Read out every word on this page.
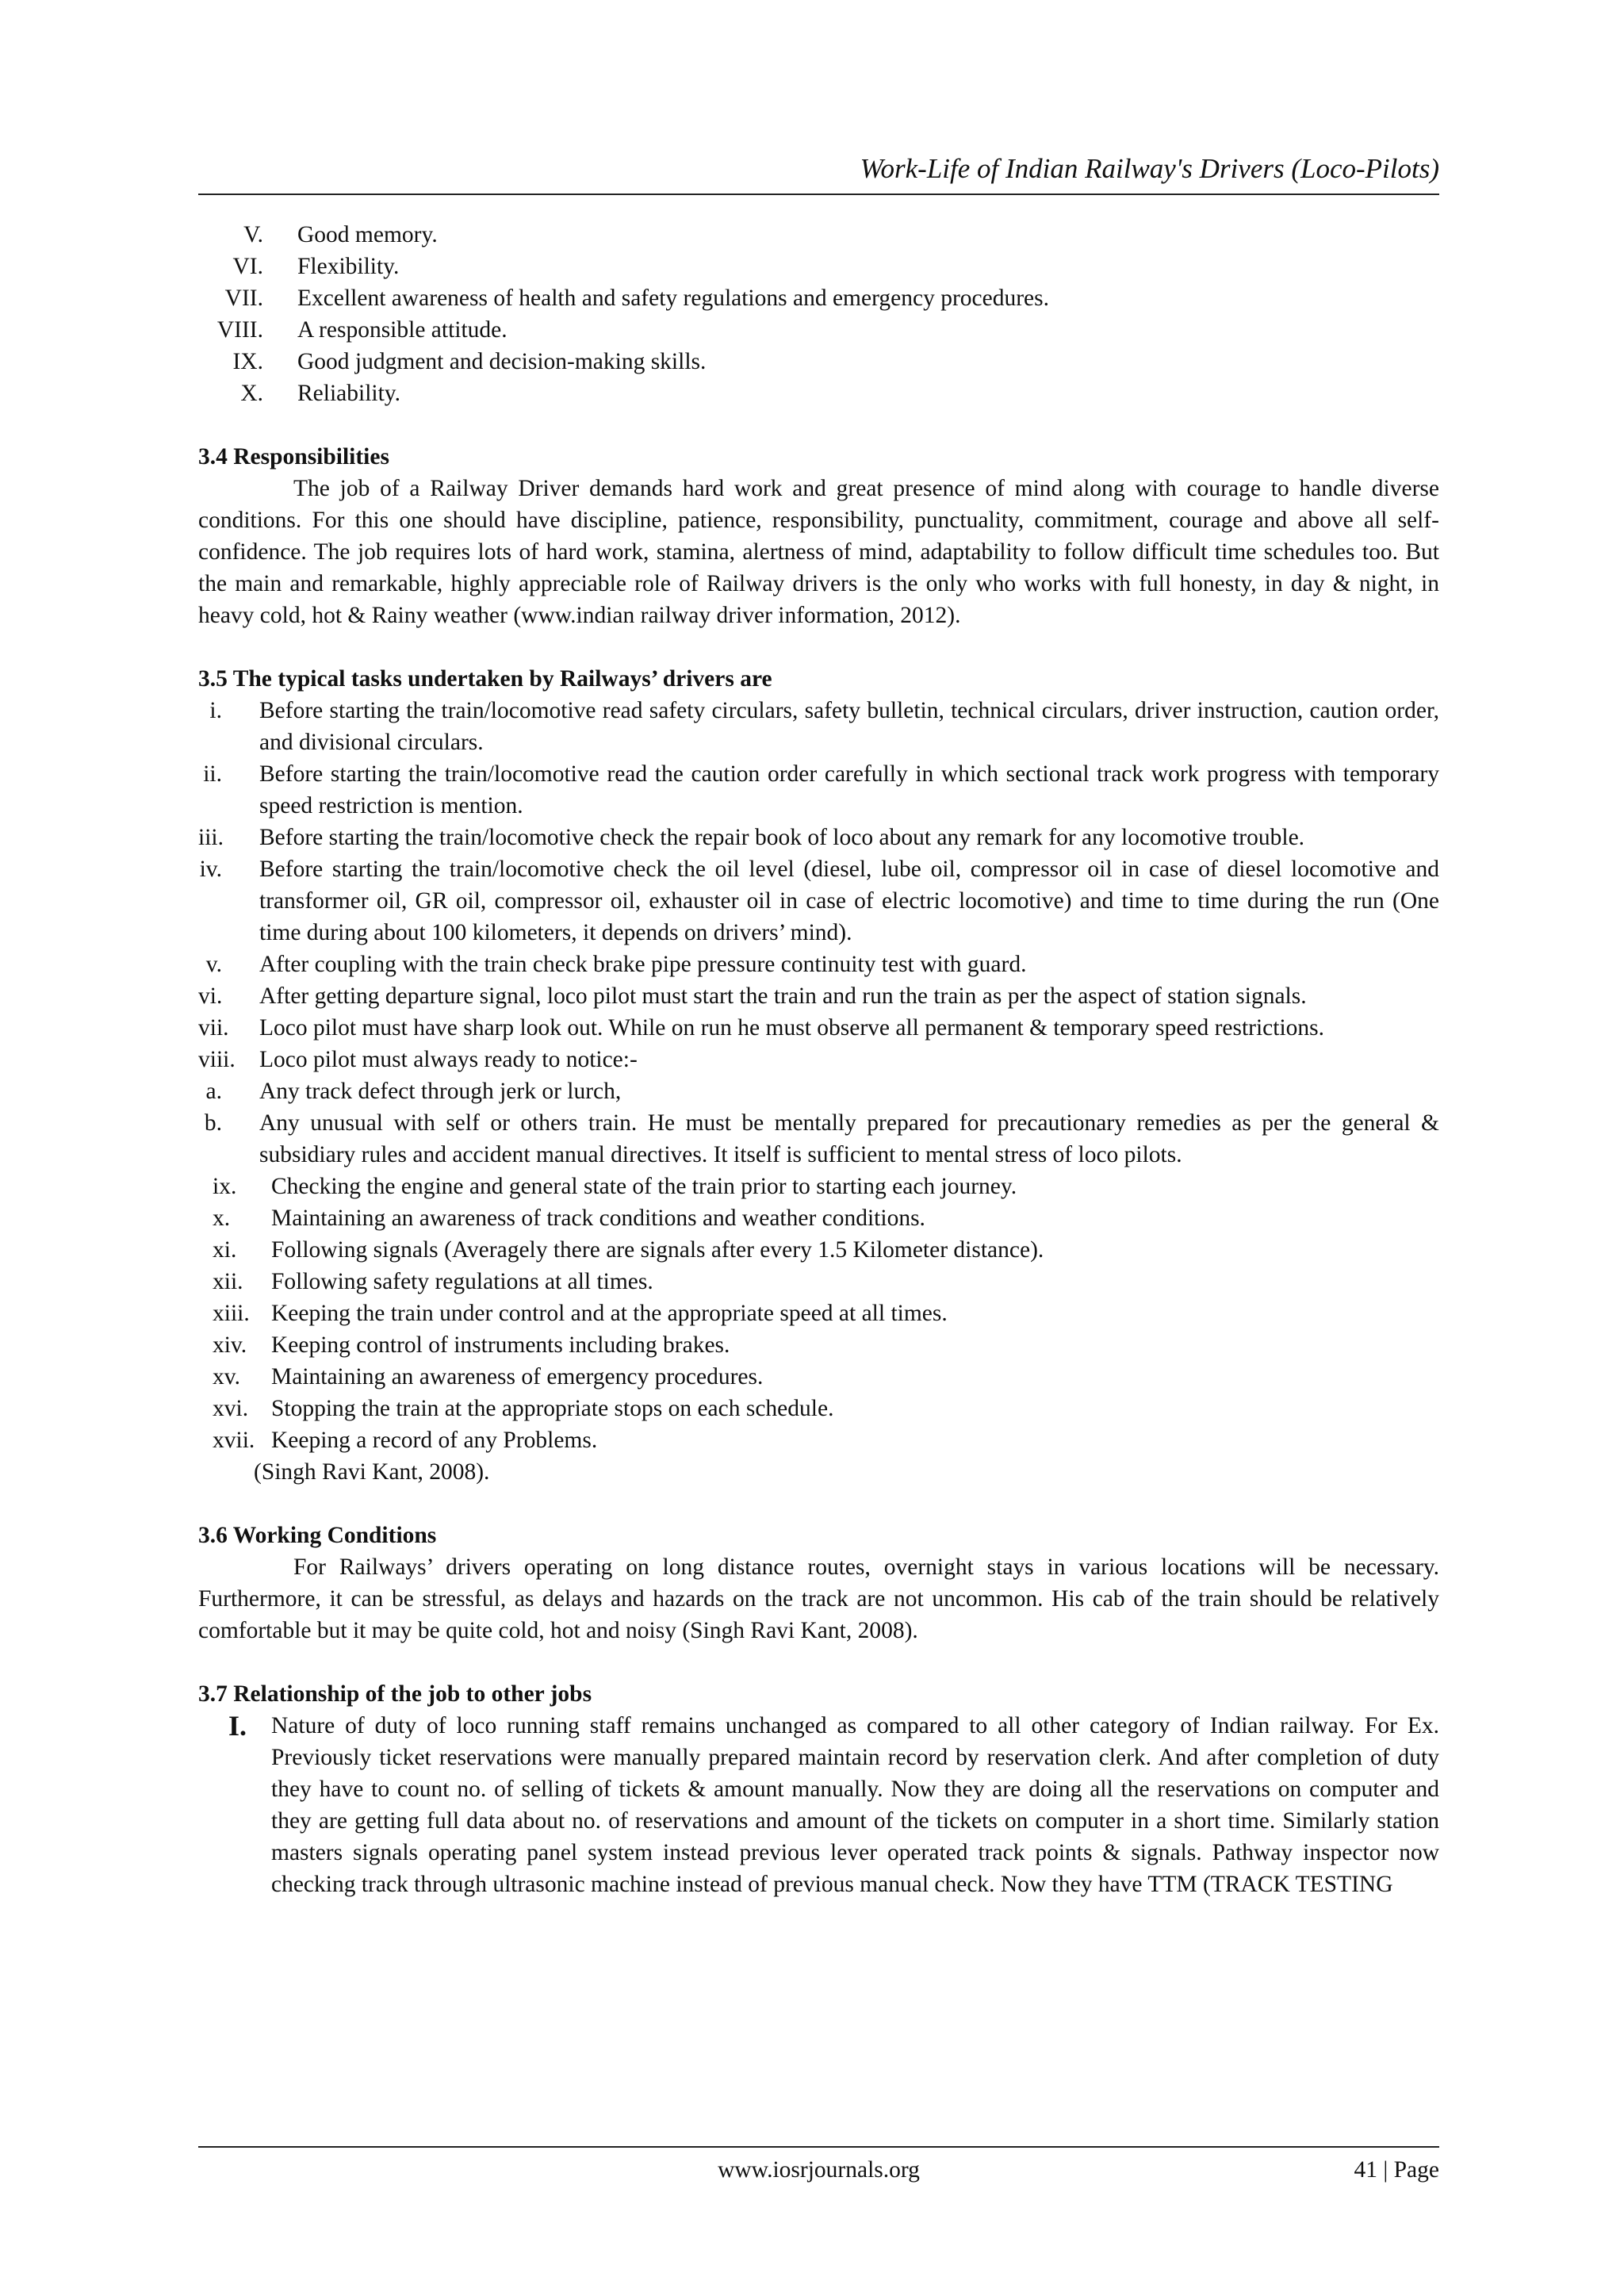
Work-Life of Indian Railway's Drivers (Loco-Pilots)
V. Good memory.
VI. Flexibility.
VII. Excellent awareness of health and safety regulations and emergency procedures.
VIII. A responsible attitude.
IX. Good judgment and decision-making skills.
X. Reliability.
3.4 Responsibilities

The job of a Railway Driver demands hard work and great presence of mind along with courage to handle diverse conditions. For this one should have discipline, patience, responsibility, punctuality, commitment, courage and above all self-confidence. The job requires lots of hard work, stamina, alertness of mind, adaptability to follow difficult time schedules too. But the main and remarkable, highly appreciable role of Railway drivers is the only who works with full honesty, in day & night, in heavy cold, hot & Rainy weather (www.indian railway driver information, 2012).

3.5 The typical tasks undertaken by Railways’ drivers are
i. Before starting the train/locomotive read safety circulars, safety bulletin, technical circulars, driver instruction, caution order, and divisional circulars.
ii. Before starting the train/locomotive read the caution order carefully in which sectional track work progress with temporary speed restriction is mention.
iii. Before starting the train/locomotive check the repair book of loco about any remark for any locomotive trouble.
iv. Before starting the train/locomotive check the oil level (diesel, lube oil, compressor oil in case of diesel locomotive and transformer oil, GR oil, compressor oil, exhauster oil in case of electric locomotive) and time to time during the run (One time during about 100 kilometers, it depends on drivers’ mind).
v. After coupling with the train check brake pipe pressure continuity test with guard.
vi. After getting departure signal, loco pilot must start the train and run the train as per the aspect of station signals.
vii. Loco pilot must have sharp look out. While on run he must observe all permanent & temporary speed restrictions.
viii. Loco pilot must always ready to notice:-
a. Any track defect through jerk or lurch,
b. Any unusual with self or others train. He must be mentally prepared for precautionary remedies as per the general & subsidiary rules and accident manual directives. It itself is sufficient to mental stress of loco pilots.
ix. Checking the engine and general state of the train prior to starting each journey.
x. Maintaining an awareness of track conditions and weather conditions.
xi. Following signals (Averagely there are signals after every 1.5 Kilometer distance).
xii. Following safety regulations at all times.
xiii. Keeping the train under control and at the appropriate speed at all times.
xiv. Keeping control of instruments including brakes.
xv. Maintaining an awareness of emergency procedures.
xvi. Stopping the train at the appropriate stops on each schedule.
xvii. Keeping a record of any Problems.
(Singh Ravi Kant, 2008).
3.6 Working Conditions

For Railways’ drivers operating on long distance routes, overnight stays in various locations will be necessary. Furthermore, it can be stressful, as delays and hazards on the track are not uncommon. His cab of the train should be relatively comfortable but it may be quite cold, hot and noisy (Singh Ravi Kant, 2008).

3.7 Relationship of the job to other jobs
I. Nature of duty of loco running staff remains unchanged as compared to all other category of Indian railway. For Ex. Previously ticket reservations were manually prepared maintain record by reservation clerk. And after completion of duty they have to count no. of selling of tickets & amount manually. Now they are doing all the reservations on computer and they are getting full data about no. of reservations and amount of the tickets on computer in a short time. Similarly station masters signals operating panel system instead previous lever operated track points & signals. Pathway inspector now checking track through ultrasonic machine instead of previous manual check. Now they have TTM (TRACK TESTING
www.iosrjournals.org	41 | Page
